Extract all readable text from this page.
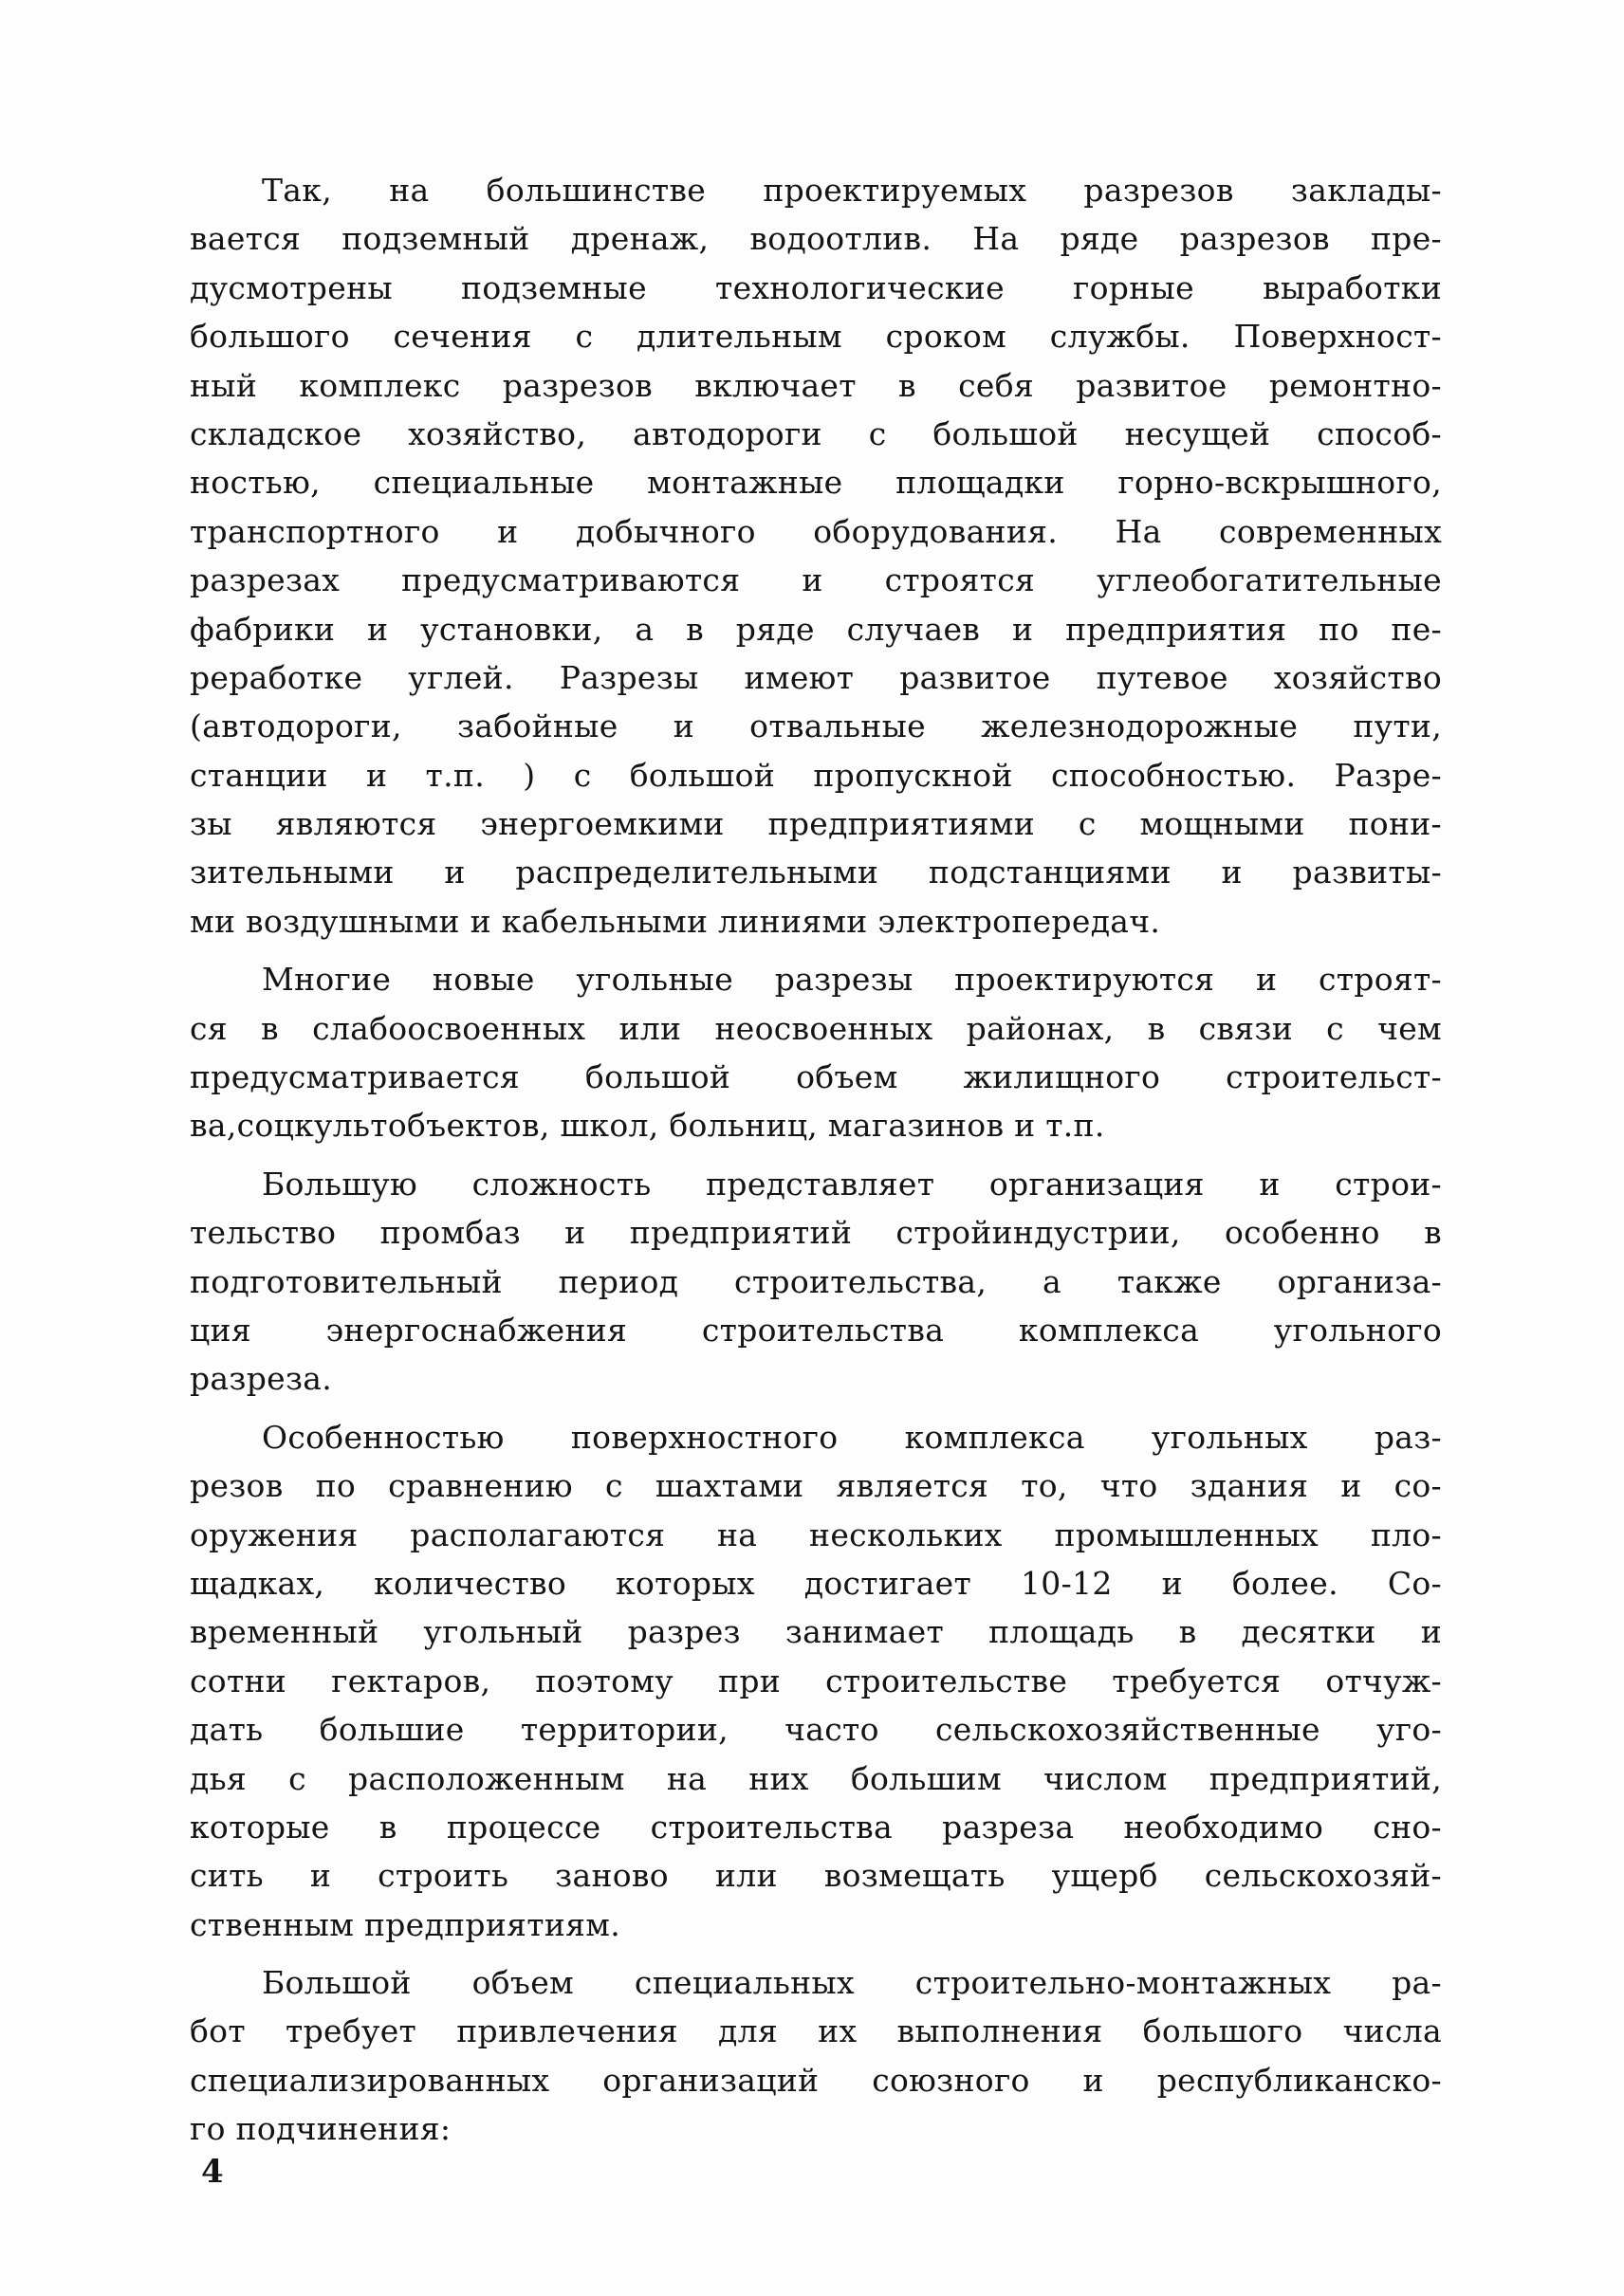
Так, на большинстве проектируемых разрезов заклады-
вается подземный дренаж, водоотлив. На ряде разрезов пре-
дусмотрены подземные технологические горные выработки
большого сечения с длительным сроком службы. Поверхност-
ный комплекс разрезов включает в себя развитое ремонтно-
складское хозяйство, автодороги с большой несущей способ-
ностью, специальные монтажные площадки горно-вскрышного,
транспортного и добычного оборудования. На современных
разрезах предусматриваются и строятся углеобогатительные
фабрики и установки, а в ряде случаев и предприятия по пе-
реработке углей. Разрезы имеют развитое путевое хозяйство
(автодороги, забойные и отвальные железнодорожные пути,
станции и т.п. ) с большой пропускной способностью. Разре-
зы являются энергоемкими предприятиями с мощными пони-
зительными и распределительными подстанциями и развиты-
ми воздушными и кабельными линиями электропередач.
Многие новые угольные разрезы проектируются и строят-
ся в слабоосвоенных или неосвоенных районах, в связи с чем
предусматривается большой объем жилищного строительст-
ва,соцкультобъектов, школ, больниц, магазинов и т.п.
Большую сложность представляет организация и строи-
тельство промбаз и предприятий стройиндустрии, особенно в
подготовительный период строительства, а также организа-
ция энергоснабжения строительства комплекса угольного
разреза.
Особенностью поверхностного комплекса угольных раз-
резов по сравнению с шахтами является то, что здания и со-
оружения располагаются на нескольких промышленных пло-
щадках, количество которых достигает 10-12 и более. Со-
временный угольный разрез занимает площадь в десятки и
сотни гектаров, поэтому при строительстве требуется отчуж-
дать большие территории, часто сельскохозяйственные уго-
дья с расположенным на них большим числом предприятий,
которые в процессе строительства разреза необходимо сно-
сить и строить заново или возмещать ущерб сельскохозяй-
ственным предприятиям.
Большой объем специальных строительно-монтажных ра-
бот требует привлечения для их выполнения большого числа
специализированных организаций союзного и республиканско-
го подчинения:
4
